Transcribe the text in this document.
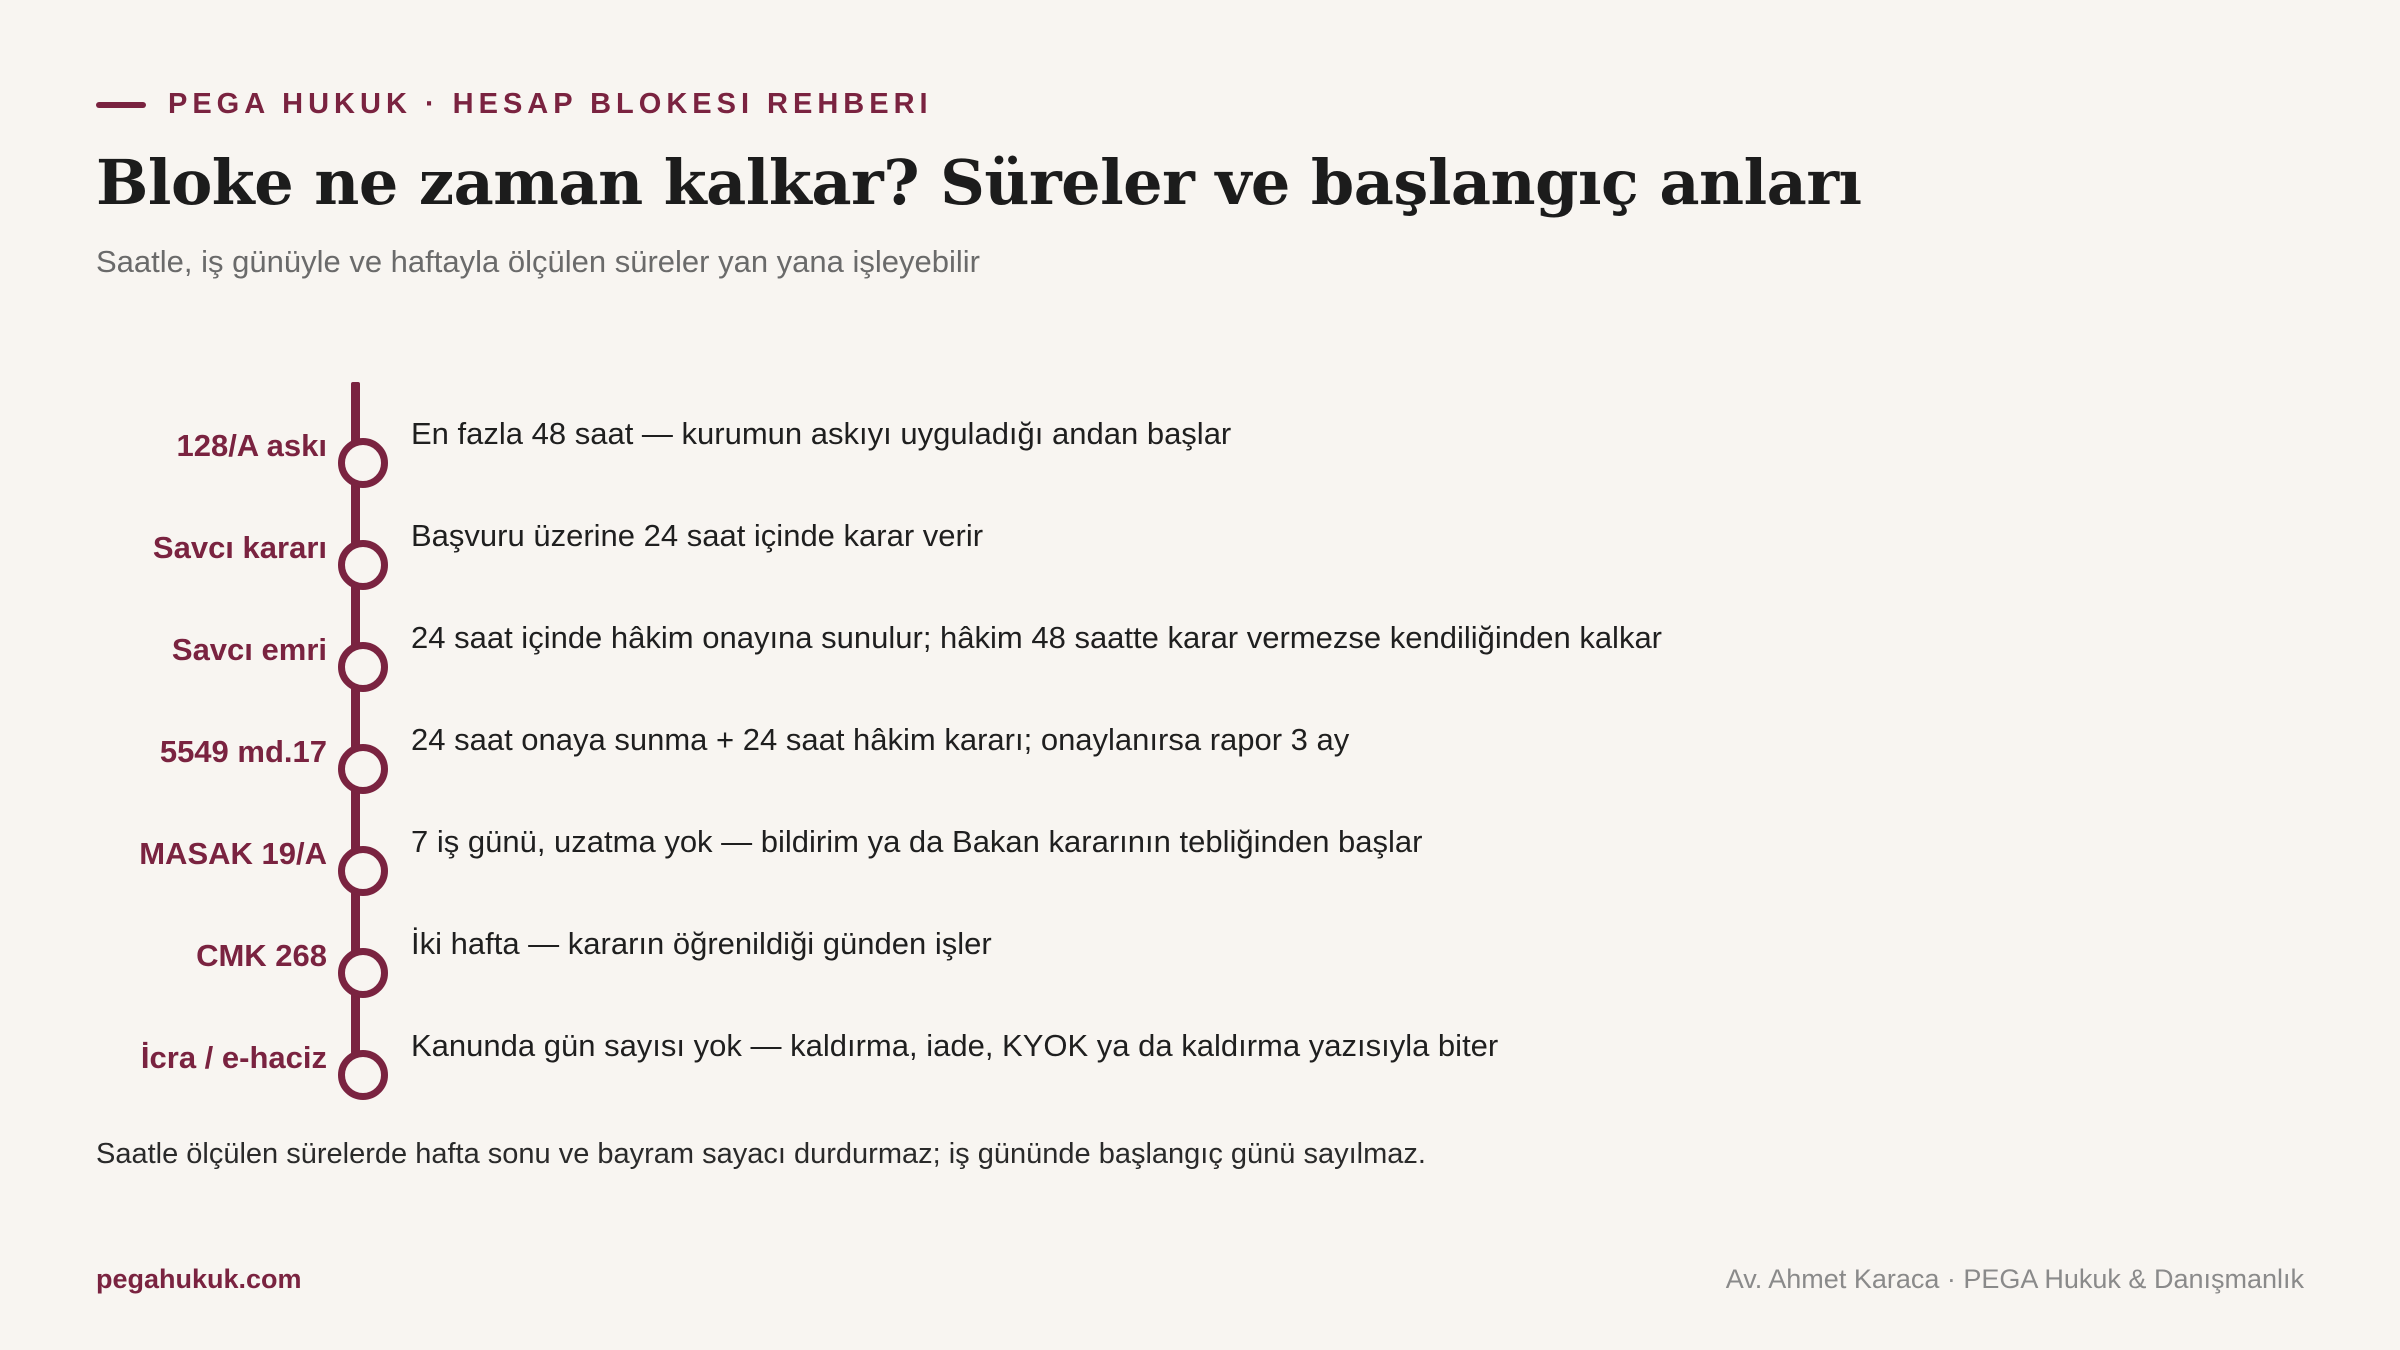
PEGA HUKUK · HESAP BLOKESI REHBERI
Bloke ne zaman kalkar? Süreler ve başlangıç anları
Saatle, iş günüyle ve haftayla ölçülen süreler yan yana işleyebilir
128/A askı	En fazla 48 saat — kurumun askıyı uyguladığı andan başlar
Savcı kararı	Başvuru üzerine 24 saat içinde karar verir
Savcı emri	24 saat içinde hâkim onayına sunulur; hâkim 48 saatte karar vermezse kendiliğinden kalkar
5549 md.17	24 saat onaya sunma + 24 saat hâkim kararı; onaylanırsa rapor 3 ay
MASAK 19/A	7 iş günü, uzatma yok — bildirim ya da Bakan kararının tebliğinden başlar
CMK 268	İki hafta — kararın öğrenildiği günden işler
İcra / e-haciz	Kanunda gün sayısı yok — kaldırma, iade, KYOK ya da kaldırma yazısıyla biter
Saatle ölçülen sürelerde hafta sonu ve bayram sayacı durdurmaz; iş gününde başlangıç günü sayılmaz.
pegahukuk.com	Av. Ahmet Karaca · PEGA Hukuk & Danışmanlık
